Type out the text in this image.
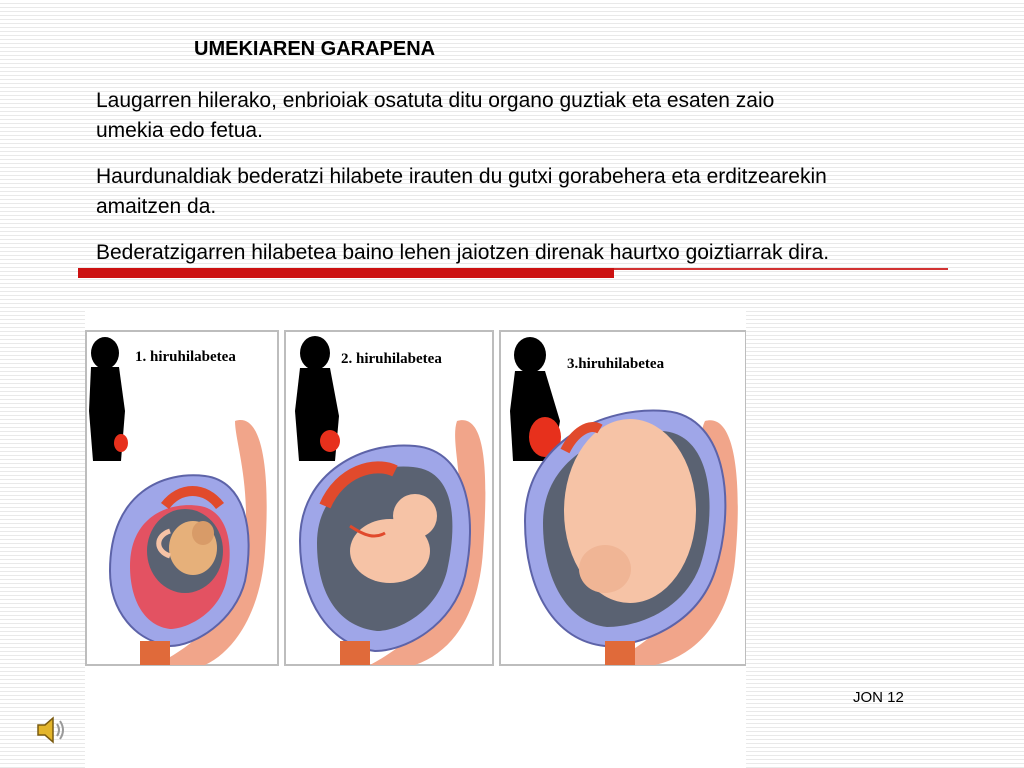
UMEKIAREN GARAPENA
Laugarren hilerako, enbrioiak osatuta ditu organo guztiak eta esaten zaio umekia edo fetua.
Haurdunaldiak bederatzi hilabete irauten du gutxi gorabehera eta erditzearekin amaitzen da.
Bederatzigarren hilabetea baino lehen jaiotzen direnak haurtxo goiztiarrak dira.
1. hiruhilabetea	2. hiruhilabetea	3.hiruhilabetea
JON 12
